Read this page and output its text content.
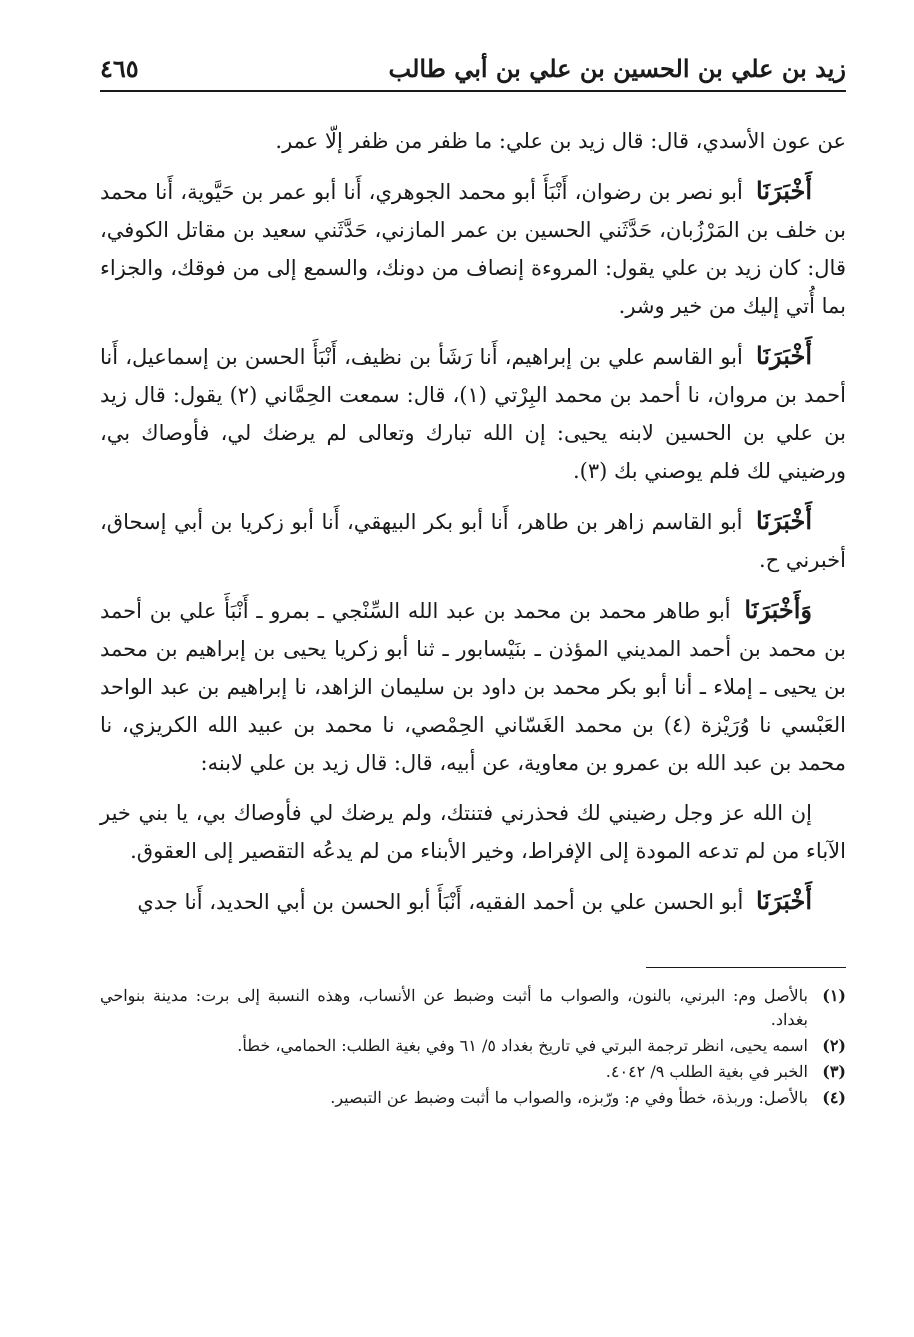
زيد بن علي بن الحسين بن علي بن أبي طالب
٤٦٥

عن عون الأسدي، قال: قال زيد بن علي: ما ظفر من ظفر إلّا عمر.

أَخْبَرَنَا أبو نصر بن رضوان، أَنْبَأَ أبو محمد الجوهري، أَنا أبو عمر بن حَيَّوية، أَنا محمد بن خلف بن المَرْزُبان، حَدَّثَني الحسين بن عمر المازني، حَدَّثَني سعيد بن مقاتل الكوفي، قال: كان زيد بن علي يقول: المروءة إنصاف من دونك، والسمع إلى من فوقك، والجزاء بما أُتي إليك من خير وشر.

أَخْبَرَنَا أبو القاسم علي بن إبراهيم، أَنا رَشَأ بن نظيف، أَنْبَأَ الحسن بن إسماعيل، أَنا أحمد بن مروان، نا أحمد بن محمد البِرْتي (١)، قال: سمعت الحِمَّاني (٢) يقول: قال زيد بن علي بن الحسين لابنه يحيى: إن الله تبارك وتعالى لم يرضك لي، فأوصاك بي، ورضيني لك فلم يوصني بك (٣).

أَخْبَرَنَا أبو القاسم زاهر بن طاهر، أَنا أبو بكر البيهقي، أَنا أبو زكريا بن أبي إسحاق، أخبرني ح.

وَأَخْبَرَنَا أبو طاهر محمد بن محمد بن عبد الله السِّنْجي ـ بمرو ـ أَنْبَأَ علي بن أحمد بن محمد بن أحمد المديني المؤذن ـ بنَيْسابور ـ ثنا أبو زكريا يحيى بن إبراهيم بن محمد بن يحيى ـ إملاء ـ أنا أبو بكر محمد بن داود بن سليمان الزاهد، نا إبراهيم بن عبد الواحد العَبْسي نا وُرَيْزة (٤) بن محمد الغَسّاني الحِمْصي، نا محمد بن عبيد الله الكريزي، نا محمد بن عبد الله بن عمرو بن معاوية، عن أبيه، قال: قال زيد بن علي لابنه:

إن الله عز وجل رضيني لك فحذرني فتنتك، ولم يرضك لي فأوصاك بي، يا بني خير الآباء من لم تدعه المودة إلى الإفراط، وخير الأبناء من لم يدعُه التقصير إلى العقوق.

أَخْبَرَنَا أبو الحسن علي بن أحمد الفقيه، أَنْبَأَ أبو الحسن بن أبي الحديد، أَنا جدي

(١)
بالأصل وم: البرني، بالنون، والصواب ما أثبت وضبط عن الأنساب، وهذه النسبة إلى برت: مدينة بنواحي بغداد.
(٢)
اسمه يحيى، انظر ترجمة البرتي في تاريخ بغداد ٥/ ٦١ وفي بغية الطلب: الحمامي، خطأ.
(٣)
الخبر في بغية الطلب ٩/ ٤٠٤٢.
(٤)
بالأصل: وربذة، خطأ وفي م: ورّبزه، والصواب ما أثبت وضبط عن التبصير.
